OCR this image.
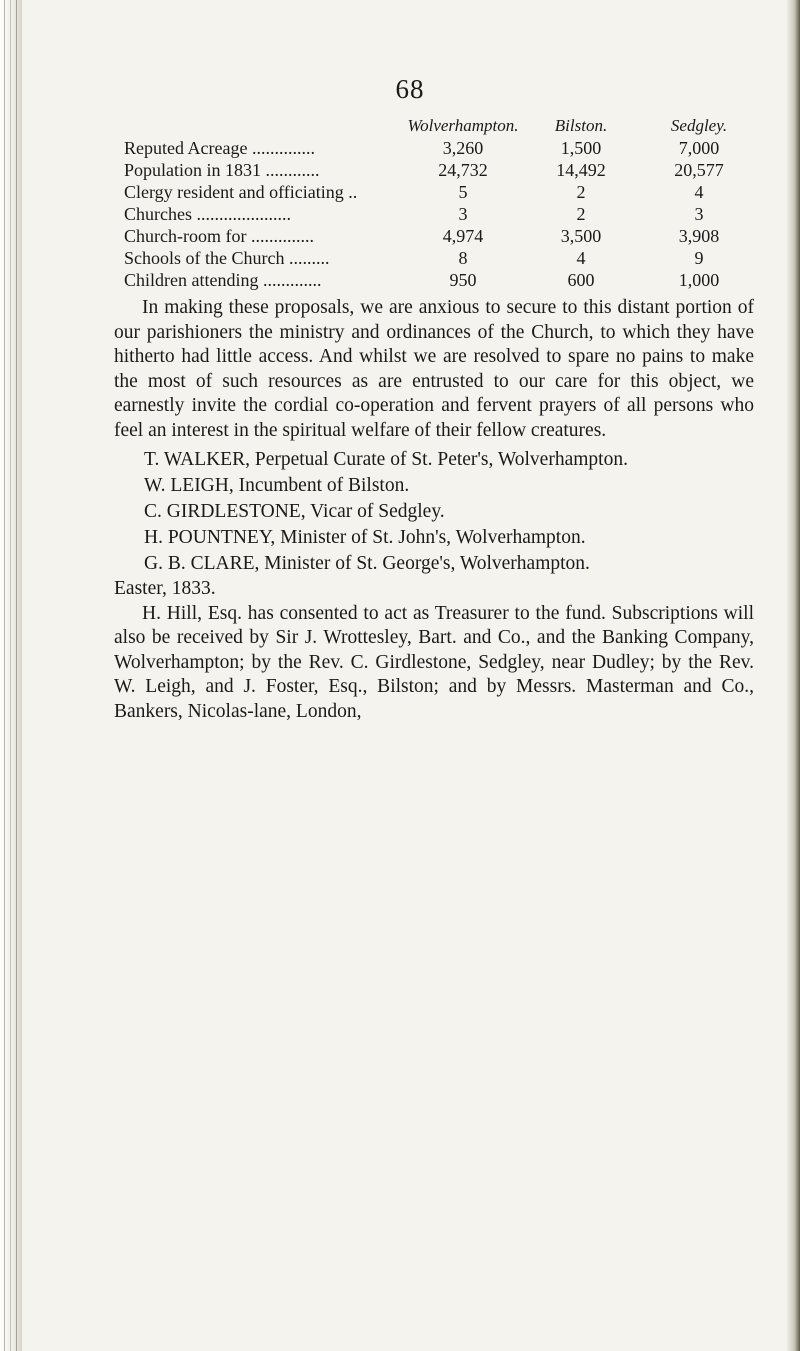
68
	Wolverhampton.	Bilston.	Sedgley.
Reputed Acreage ..............	3,260	1,500	7,000
Population in 1831 ............	24,732	14,492	20,577
Clergy resident and officiating ..	5	2	4
Churches .....................	3	2	3
Church-room for ..............	4,974	3,500	3,908
Schools of the Church .........	8	4	9
Children attending .............	950	600	1,000

In making these proposals, we are anxious to secure to this distant portion of our parishioners the ministry and ordinances of the Church, to which they have hitherto had little access. And whilst we are resolved to spare no pains to make the most of such resources as are entrusted to our care for this object, we earnestly invite the cordial co-operation and fervent prayers of all persons who feel an interest in the spiritual welfare of their fellow creatures.

T. WALKER, Perpetual Curate of St. Peter's, Wolverhampton.
W. LEIGH, Incumbent of Bilston.
C. GIRDLESTONE, Vicar of Sedgley.
H. POUNTNEY, Minister of St. John's, Wolverhampton.
G. B. CLARE, Minister of St. George's, Wolverhampton.

Easter, 1833.

H. Hill, Esq. has consented to act as Treasurer to the fund. Subscriptions will also be received by Sir J. Wrottesley, Bart. and Co., and the Banking Company, Wolverhampton; by the Rev. C. Girdlestone, Sedgley, near Dudley; by the Rev. W. Leigh, and J. Foster, Esq., Bilston; and by Messrs. Masterman and Co., Bankers, Nicolas-lane, London,
